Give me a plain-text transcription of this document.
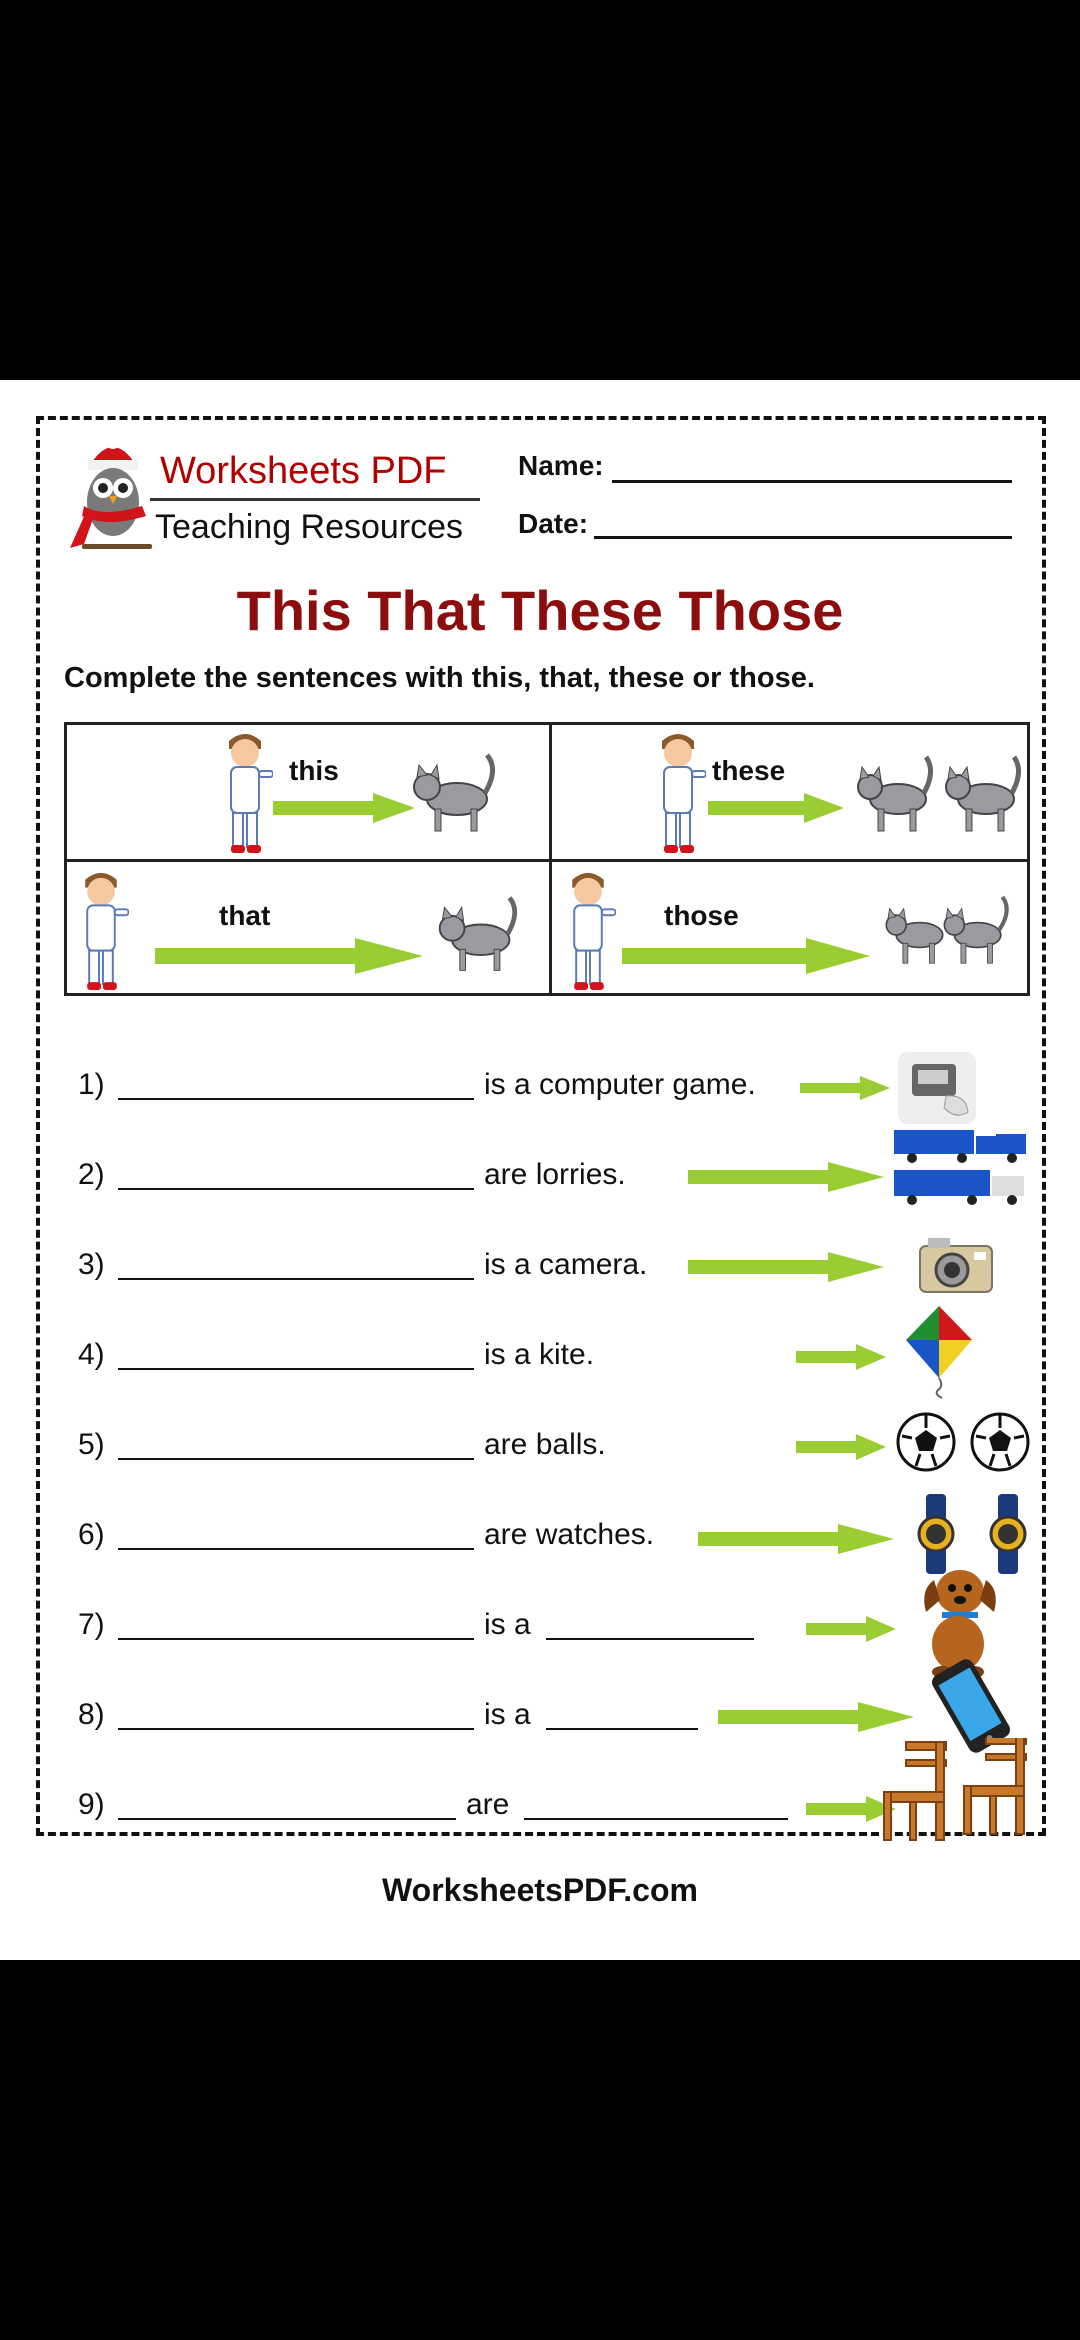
Worksheets PDF
Teaching Resources
Name:
Date:
This That These Those
Complete the sentences with this, that, these or those.
this	these
that	those
1)	is a computer game.
2)	are lorries.
3)	is a camera.
4)	is a kite.
5)	are balls.
6)	are watches.
7)	is a
8)	is a
9)	are
WorksheetsPDF.com
